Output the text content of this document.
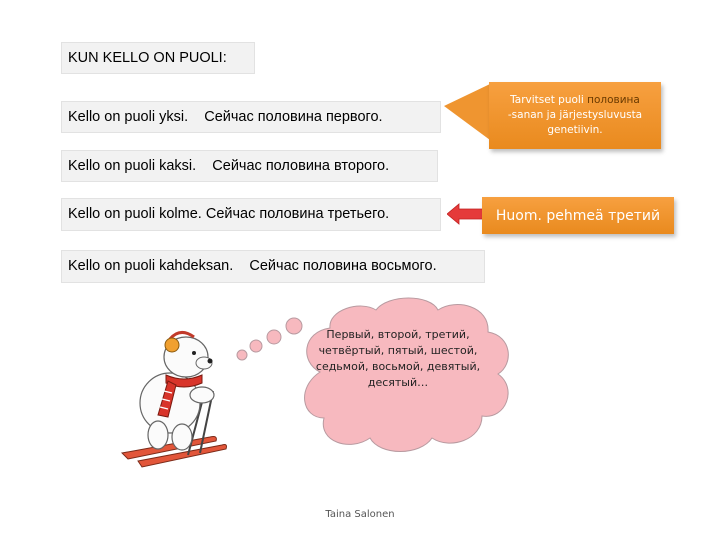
KUN KELLO ON PUOLI:
Kello on puoli yksi.
Сейчас половина первого.
Kello on puoli kaksi.
Сейчас половина второго.
Kello on puoli kolme.
Сейчас половина третьего.
Kello on puoli kahdeksan.
Сейчас половина восьмого.
Tarvitset puoli половина
-sanan ja järjestysluvusta genetiivin.
Huom. pehmeä третий
Первый, второй, третий, четвёртый, пятый, шестой, седьмой, восьмой, девятый, десятый…
Taina Salonen
